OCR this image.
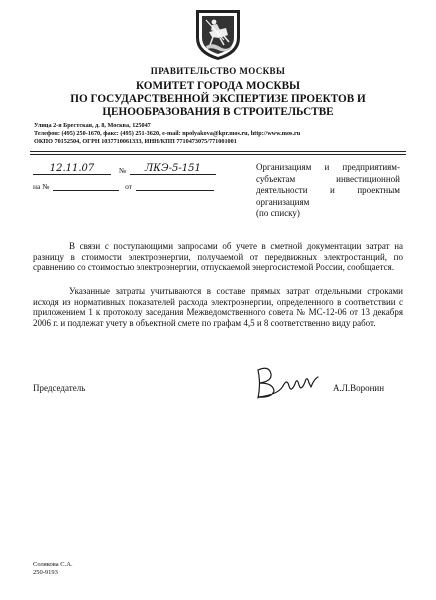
ПРАВИТЕЛЬСТВО МОСКВЫ
КОМИТЕТ ГОРОДА МОСКВЫ
ПО ГОСУДАРСТВЕННОЙ ЭКСПЕРТИЗЕ ПРОЕКТОВ И
ЦЕНООБРАЗОВАНИЯ В СТРОИТЕЛЬСТВЕ
Улица 2-я Брестская, д. 8, Москва, 125047
Телефон: (495) 250-1670, факс: (495) 251-3620, e-mail: npolyakova@kpr.mos.ru, http://www.mos.ru
ОКПО 70152504, ОГРН 1037710061333, ИНН/КПП 7710473075/771001001
12.11.07	№ ЛКЭ-5-151
на №	от
Организациям и предприятиям-
субъектам инвестиционной
деятельности и проектным
организациям
(по списку)

В связи с поступающими запросами об учете в сметной документации затрат на разницу в стоимости электроэнергии, получаемой от передвижных электростанций, по сравнению со стоимостью электроэнергии, отпускаемой энергосистемой России, сообщается.

Указанные затраты учитываются в составе прямых затрат отдельными строками исходя из нормативных показателей расхода электроэнергии, определенного в соответствии с приложением 1 к протоколу заседания Межведомственного совета № МС-12-06 от 13 декабря 2006 г. и подлежат учету в объектной смете по графам 4,5 и 8 соответственно виду работ.

Председатель	А.Л.Воронин
Солякова С.А.
250-9193
